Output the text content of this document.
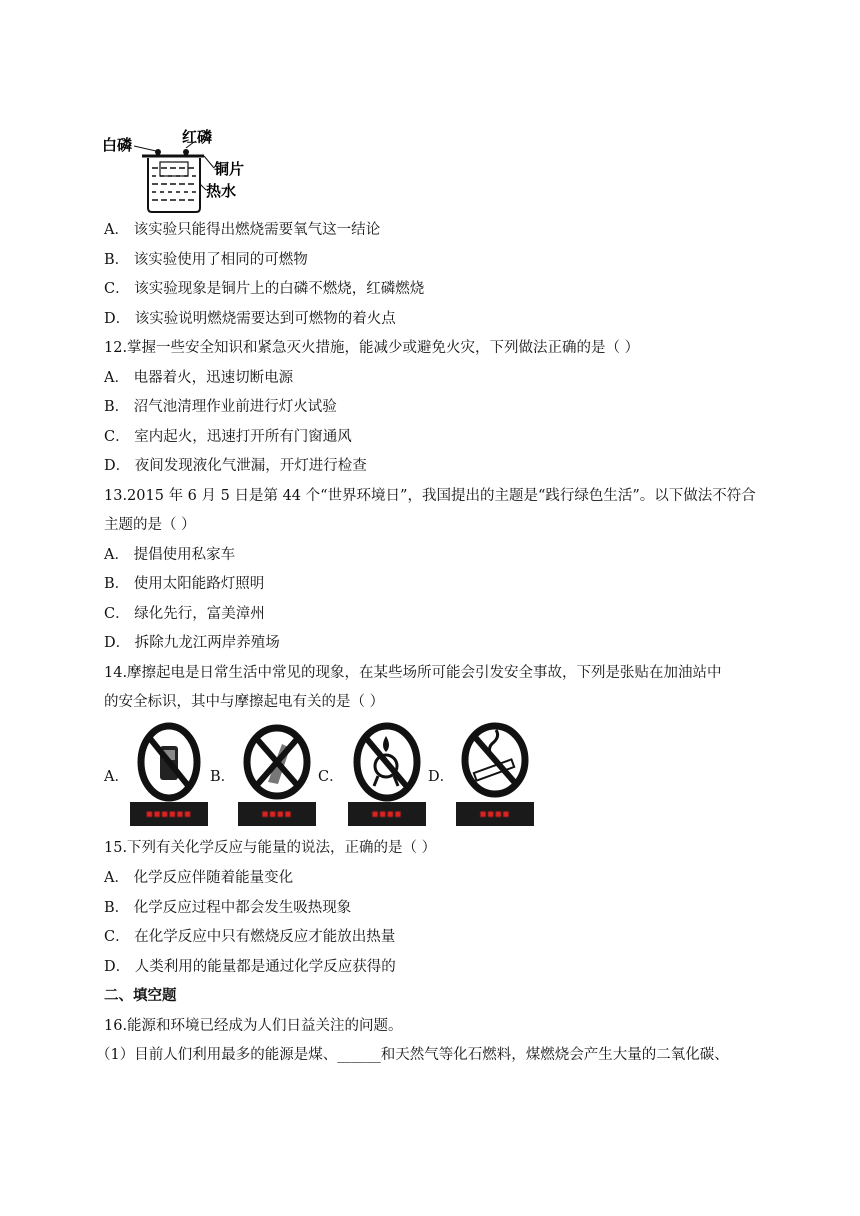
白磷	红磷
铜片
热水
A． 该实验只能得出燃烧需要氧气这一结论
B． 该实验使用了相同的可燃物
C． 该实验现象是铜片上的白磷不燃烧，红磷燃烧
D． 该实验说明燃烧需要达到可燃物的着火点
12.掌握一些安全知识和紧急灭火措施，能减少或避免火灾，下列做法正确的是（ ）
A． 电器着火，迅速切断电源
B． 沼气池清理作业前进行灯火试验
C． 室内起火，迅速打开所有门窗通风
D． 夜间发现液化气泄漏，开灯进行检查
13.2015 年 6 月 5 日是第 44 个“世界环境日”，我国提出的主题是“践行绿色生活”。以下做法不符合
主题的是（ ）
A． 提倡使用私家车
B． 使用太阳能路灯照明
C． 绿化先行，富美漳州
D． 拆除九龙江两岸养殖场
14.摩擦起电是日常生活中常见的现象，在某些场所可能会引发安全事故，下列是张贴在加油站中
的安全标识，其中与摩擦起电有关的是（ ）
A．
■■■■■■
B．
■■■■
C．
■■■■
D．
■■■■
15.下列有关化学反应与能量的说法，正确的是（ ）
A． 化学反应伴随着能量变化
B． 化学反应过程中都会发生吸热现象
C． 在化学反应中只有燃烧反应才能放出热量
D． 人类利用的能量都是通过化学反应获得的
二、填空题
16.能源和环境已经成为人们日益关注的问题。
（1）目前人们利用最多的能源是煤、______和天然气等化石燃料，煤燃烧会产生大量的二氧化碳、
